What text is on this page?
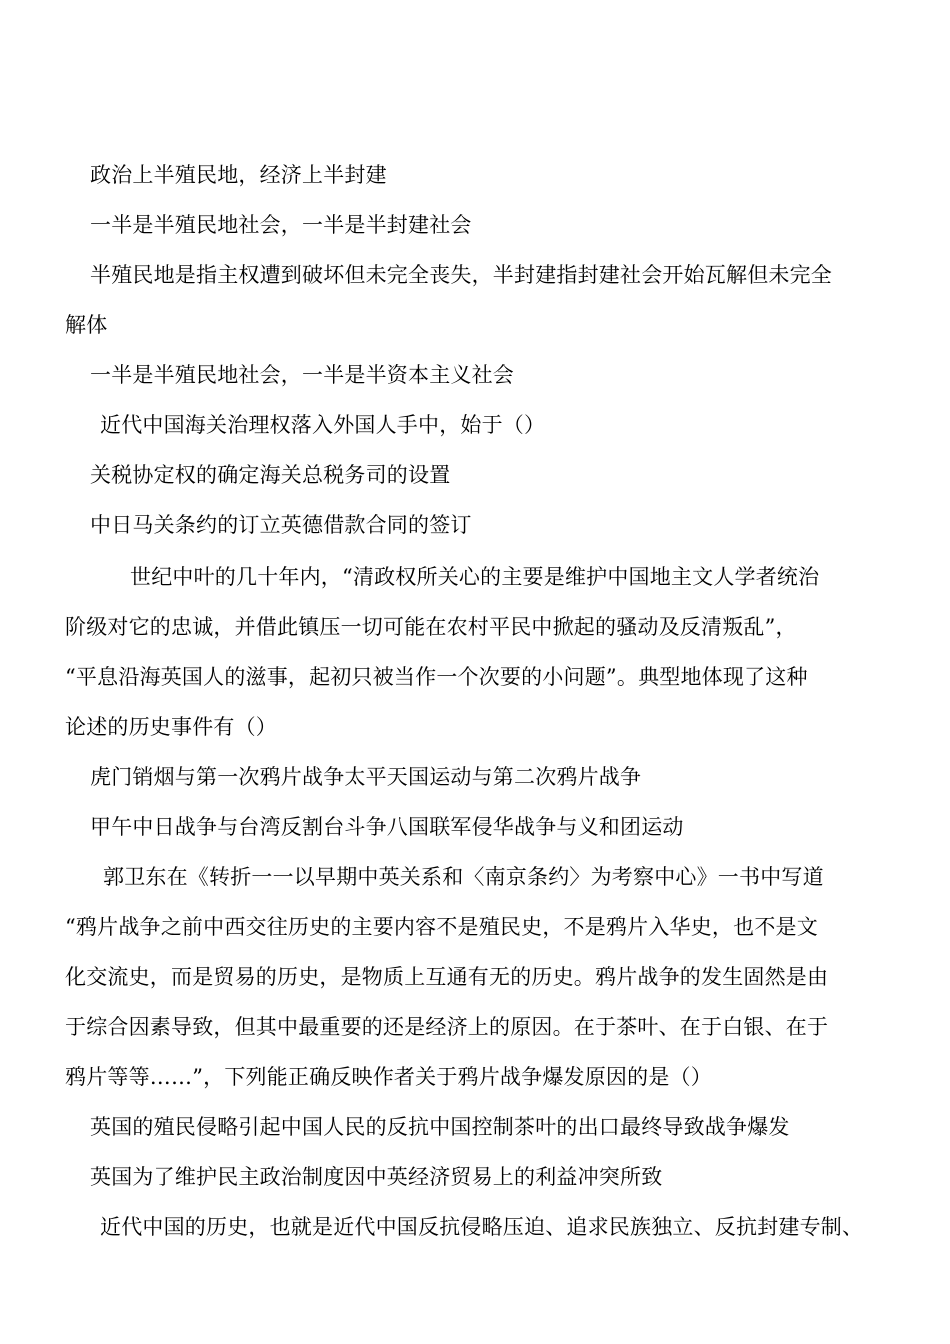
政治上半殖民地，经济上半封建
一半是半殖民地社会，一半是半封建社会
半殖民地是指主权遭到破坏但未完全丧失，半封建指封建社会开始瓦解但未完全
解体
一半是半殖民地社会，一半是半资本主义社会
近代中国海关治理权落入外国人手中，始于（）
关税协定权的确定海关总税务司的设置
中日马关条约的订立英德借款合同的签订
世纪中叶的几十年内，“清政权所关心的主要是维护中国地主文人学者统治
阶级对它的忠诚，并借此镇压一切可能在农村平民中掀起的骚动及反清叛乱”，
“平息沿海英国人的滋事，起初只被当作一个次要的小问题”。典型地体现了这种
论述的历史事件有（）
虎门销烟与第一次鸦片战争太平天国运动与第二次鸦片战争
甲午中日战争与台湾反割台斗争八国联军侵华战争与义和团运动
郭卫东在《转折一一以早期中英关系和〈南京条约〉为考察中心》一书中写道
“鸦片战争之前中西交往历史的主要内容不是殖民史，不是鸦片入华史，也不是文
化交流史，而是贸易的历史，是物质上互通有无的历史。鸦片战争的发生固然是由
于综合因素导致，但其中最重要的还是经济上的原因。在于茶叶、在于白银、在于
鸦片等等……”，下列能正确反映作者关于鸦片战争爆发原因的是（）
英国的殖民侵略引起中国人民的反抗中国控制茶叶的出口最终导致战争爆发
英国为了维护民主政治制度因中英经济贸易上的利益冲突所致
近代中国的历史，也就是近代中国反抗侵略压迫、追求民族独立、反抗封建专制、
